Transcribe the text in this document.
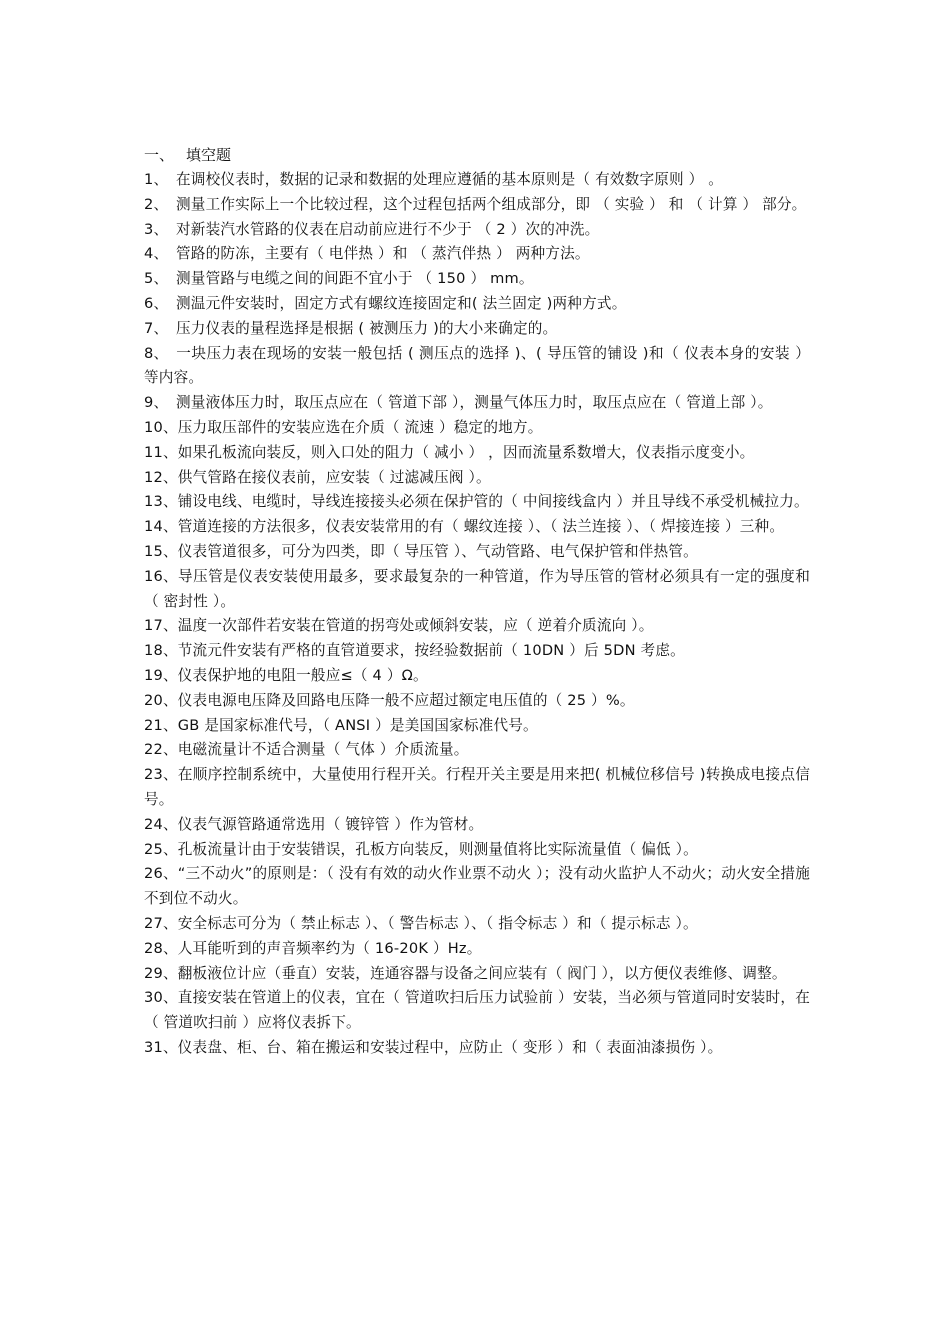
一、 填空题
1、 在调校仪表时，数据的记录和数据的处理应遵循的基本原则是（ 有效数字原则 ） 。
2、 测量工作实际上一个比较过程，这个过程包括两个组成部分，即 （ 实验 ） 和 （ 计算 ） 部分。
3、 对新装汽水管路的仪表在启动前应进行不少于 （ 2 ）次的冲洗。
4、 管路的防冻，主要有（ 电伴热 ）和 （ 蒸汽伴热 ） 两种方法。
5、 测量管路与电缆之间的间距不宜小于 （ 150 ） mm。
6、 测温元件安装时，固定方式有螺纹连接固定和( 法兰固定 )两种方式。
7、 压力仪表的量程选择是根据 ( 被测压力 )的大小来确定的。
8、 一块压力表在现场的安装一般包括 ( 测压点的选择 )、( 导压管的铺设 )和（ 仪表本身的安装 ）等内容。
9、 测量液体压力时，取压点应在（ 管道下部 ），测量气体压力时，取压点应在（ 管道上部 ）。
10、压力取压部件的安装应选在介质（ 流速 ）稳定的地方。
11、如果孔板流向装反，则入口处的阻力（ 减小 ） ，因而流量系数增大，仪表指示度变小。
12、供气管路在接仪表前，应安装（ 过滤减压阀 ）。
13、铺设电线、电缆时，导线连接接头必须在保护管的（ 中间接线盒内 ）并且导线不承受机械拉力。
14、管道连接的方法很多，仪表安装常用的有（ 螺纹连接 ）、（ 法兰连接 ）、（ 焊接连接 ）三种。
15、仪表管道很多，可分为四类，即（ 导压管 ）、气动管路、电气保护管和伴热管。
16、导压管是仪表安装使用最多，要求最复杂的一种管道，作为导压管的管材必须具有一定的强度和（ 密封性 ）。
17、温度一次部件若安装在管道的拐弯处或倾斜安装，应（ 逆着介质流向 ）。
18、节流元件安装有严格的直管道要求，按经验数据前（ 10DN ）后 5DN 考虑。
19、仪表保护地的电阻一般应≤（ 4 ）Ω。
20、仪表电源电压降及回路电压降一般不应超过额定电压值的（ 25 ）%。
21、GB 是国家标准代号，（ ANSI ）是美国国家标准代号。
22、电磁流量计不适合测量（ 气体 ）介质流量。
23、在顺序控制系统中，大量使用行程开关。行程开关主要是用来把( 机械位移信号 )转换成电接点信号。
24、仪表气源管路通常选用（ 镀锌管 ）作为管材。
25、孔板流量计由于安装错误，孔板方向装反，则测量值将比实际流量值（ 偏低 ）。
26、“三不动火”的原则是：（ 没有有效的动火作业票不动火 ）；没有动火监护人不动火；动火安全措施不到位不动火。
27、安全标志可分为（ 禁止标志 ）、（ 警告标志 ）、（ 指令标志 ）和（ 提示标志 ）。
28、人耳能听到的声音频率约为（ 16-20K ）Hz。
29、翻板液位计应（垂直）安装，连通容器与设备之间应装有（ 阀门 ），以方便仪表维修、调整。
30、直接安装在管道上的仪表，宜在（ 管道吹扫后压力试验前 ）安装，当必须与管道同时安装时，在（ 管道吹扫前 ）应将仪表拆下。
31、仪表盘、柜、台、箱在搬运和安装过程中，应防止（ 变形 ）和（ 表面油漆损伤 ）。
